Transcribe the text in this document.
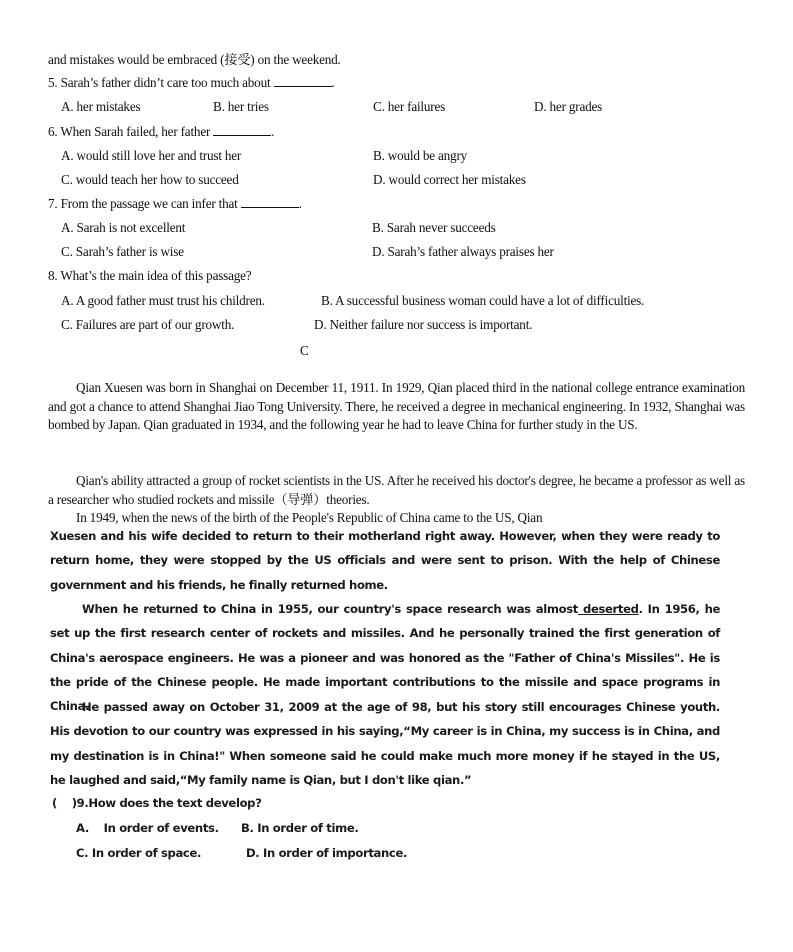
and mistakes would be embraced (接受) on the weekend.
5. Sarah’s father didn’t care too much about	.
A. her mistakes	B. her tries	C. her failures	D. her grades
6. When Sarah failed, her father	.
A. would still love her and trust her	B. would be angry
C. would teach her how to succeed	D. would correct her mistakes
7. From the passage we can infer that	.
A. Sarah is not excellent	B. Sarah never succeeds
C. Sarah’s father is wise	D. Sarah’s father always praises her
8. What’s the main idea of this passage?
A. A good father must trust his children.	B. A successful business woman could have a lot of difficulties.
C. Failures are part of our growth.	D. Neither failure nor success is important.
C
Qian Xuesen was born in Shanghai on December 11, 1911. In 1929, Qian placed third in the national college entrance examination and got a chance to attend Shanghai Jiao Tong University. There, he received a degree in mechanical engineering. In 1932, Shanghai was bombed by Japan. Qian graduated in 1934, and the following year he had to leave China for further study in the US.
Qian's ability attracted a group of rocket scientists in the US. After he received his doctor's degree, he became a professor as well as a researcher who studied rockets and missile（导弹）theories.
In 1949, when the news of the birth of the People's Republic of China came to the US, Qian
Xuesen and his wife decided to return to their motherland right away. However, when they were ready to return home, they were stopped by the US officials and were sent to prison. With the help of Chinese government and his friends, he finally returned home.
When he returned to China in 1955, our country's space research was almost deserted. In 1956, he set up the first research center of rockets and missiles. And he personally trained the first generation of China's aerospace engineers. He was a pioneer and was honored as the "Father of China's Missiles". He is the pride of the Chinese people. He made important contributions to the missile and space programs in China.
He passed away on October 31, 2009 at the age of 98, but his story still encourages Chinese youth. His devotion to our country was expressed in his saying,“My career is in China, my success is in China, and my destination is in China!" When someone said he could make much more money if he stayed in the US, he laughed and said,“My family name is Qian, but I don't like qian.”
(    )9.How does the text develop?
A.    In order of events. B. In order of time.
C. In order of space.	D. In order of importance.
